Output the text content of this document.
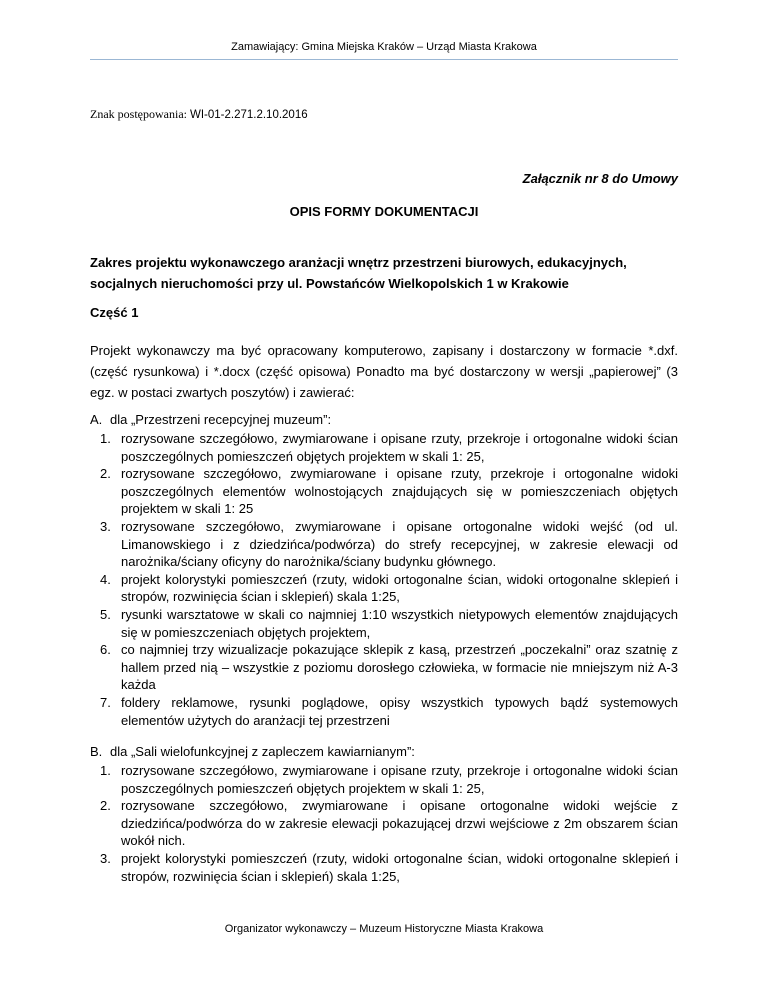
Zamawiający: Gmina Miejska Kraków – Urząd Miasta Krakowa
Znak postępowania: WI-01-2.271.2.10.2016
Załącznik nr 8 do Umowy
OPIS FORMY DOKUMENTACJI
Zakres projektu wykonawczego aranżacji wnętrz przestrzeni biurowych, edukacyjnych, socjalnych nieruchomości przy ul. Powstańców Wielkopolskich 1 w Krakowie
Część 1
Projekt wykonawczy ma być opracowany komputerowo, zapisany i dostarczony w formacie *.dxf. (część rysunkowa) i *.docx (część opisowa) Ponadto ma być dostarczony w wersji „papierowej” (3 egz. w postaci zwartych poszytów) i zawierać:
A. dla „Przestrzeni recepcyjnej muzeum”:
1. rozrysowane szczegółowo, zwymiarowane i opisane rzuty, przekroje i ortogonalne widoki ścian poszczególnych pomieszczeń objętych projektem w skali 1: 25,
2. rozrysowane szczegółowo, zwymiarowane i opisane rzuty, przekroje i ortogonalne widoki poszczególnych elementów wolnostojących znajdujących się w pomieszczeniach objętych projektem w skali 1: 25
3. rozrysowane szczegółowo, zwymiarowane i opisane ortogonalne widoki wejść (od ul. Limanowskiego i z dziedzińca/podwórza) do strefy recepcyjnej, w zakresie elewacji od narożnika/ściany oficyny do narożnika/ściany budynku głównego.
4. projekt kolorystyki pomieszczeń (rzuty, widoki ortogonalne ścian, widoki ortogonalne sklepień i stropów, rozwinięcia ścian i sklepień) skala 1:25,
5. rysunki warsztatowe w skali co najmniej 1:10 wszystkich nietypowych elementów znajdujących się w pomieszczeniach objętych projektem,
6. co najmniej trzy wizualizacje pokazujące sklepik z kasą, przestrzeń „poczekalni” oraz szatnię z hallem przed nią – wszystkie z poziomu dorosłego człowieka, w formacie nie mniejszym niż A-3 każda
7. foldery reklamowe, rysunki poglądowe, opisy wszystkich typowych bądź systemowych elementów użytych do aranżacji tej przestrzeni
B. dla „Sali wielofunkcyjnej z zapleczem kawiarnianym”:
1. rozrysowane szczegółowo, zwymiarowane i opisane rzuty, przekroje i ortogonalne widoki ścian poszczególnych pomieszczeń objętych projektem w skali 1: 25,
2. rozrysowane szczegółowo, zwymiarowane i opisane ortogonalne widoki wejście z dziedzińca/podwórza do w zakresie elewacji pokazującej drzwi wejściowe z 2m obszarem ścian wokół nich.
3. projekt kolorystyki pomieszczeń (rzuty, widoki ortogonalne ścian, widoki ortogonalne sklepień i stropów, rozwinięcia ścian i sklepień) skala 1:25,
Organizator wykonawczy – Muzeum Historyczne Miasta Krakowa
